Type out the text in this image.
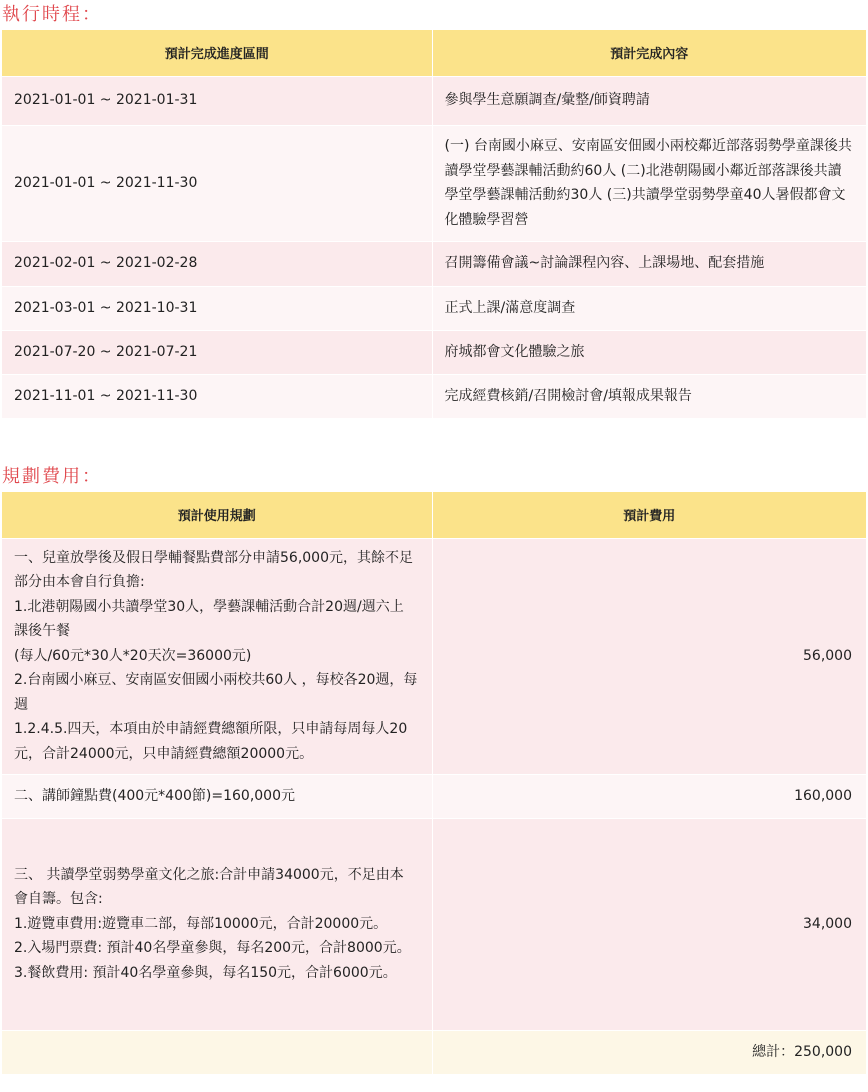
執行時程：
預計完成進度區間	預計完成內容
2021-01-01 ~ 2021-01-31	參與學生意願調查/彙整/師資聘請
2021-01-01 ~ 2021-11-30	(一) 台南國小麻豆、安南區安佃國小兩校鄰近部落弱勢學童課後共讀學堂學藝課輔活動約60人 (二)北港朝陽國小鄰近部落課後共讀學堂學藝課輔活動約30人 (三)共讀學堂弱勢學童40人暑假都會文化體驗學習營
2021-02-01 ~ 2021-02-28	召開籌備會議~討論課程內容、上課場地、配套措施
2021-03-01 ~ 2021-10-31	正式上課/滿意度調查
2021-07-20 ~ 2021-07-21	府城都會文化體驗之旅
2021-11-01 ~ 2021-11-30	完成經費核銷/召開檢討會/填報成果報告
規劃費用：
預計使用規劃	預計費用

一、兒童放學後及假日學輔餐點費部分申請56,000元，其餘不足部分由本會自行負擔:
1.北港朝陽國小共讀學堂30人，學藝課輔活動合計20週/週六上課後午餐
(每人/60元*30人*20天次=36000元)
2.台南國小麻豆、安南區安佃國小兩校共60人 ，每校各20週，每週
1.2.4.5.四天，本項由於申請經費總額所限，只申請每周每人20元，合計24000元，只申請經費總額20000元。	56,000

二、講師鐘點費(400元*400節)=160,000元	160,000

三、 共讀學堂弱勢學童文化之旅:合計申請34000元，不足由本會自籌。包含:
1.遊覽車費用:遊覽車二部，每部10000元，合計20000元。
2.入場門票費: 預計40名學童參與，每名200元，合計8000元。
3.餐飲費用: 預計40名學童參與，每名150元，合計6000元。	34,000
	總計：250,000
